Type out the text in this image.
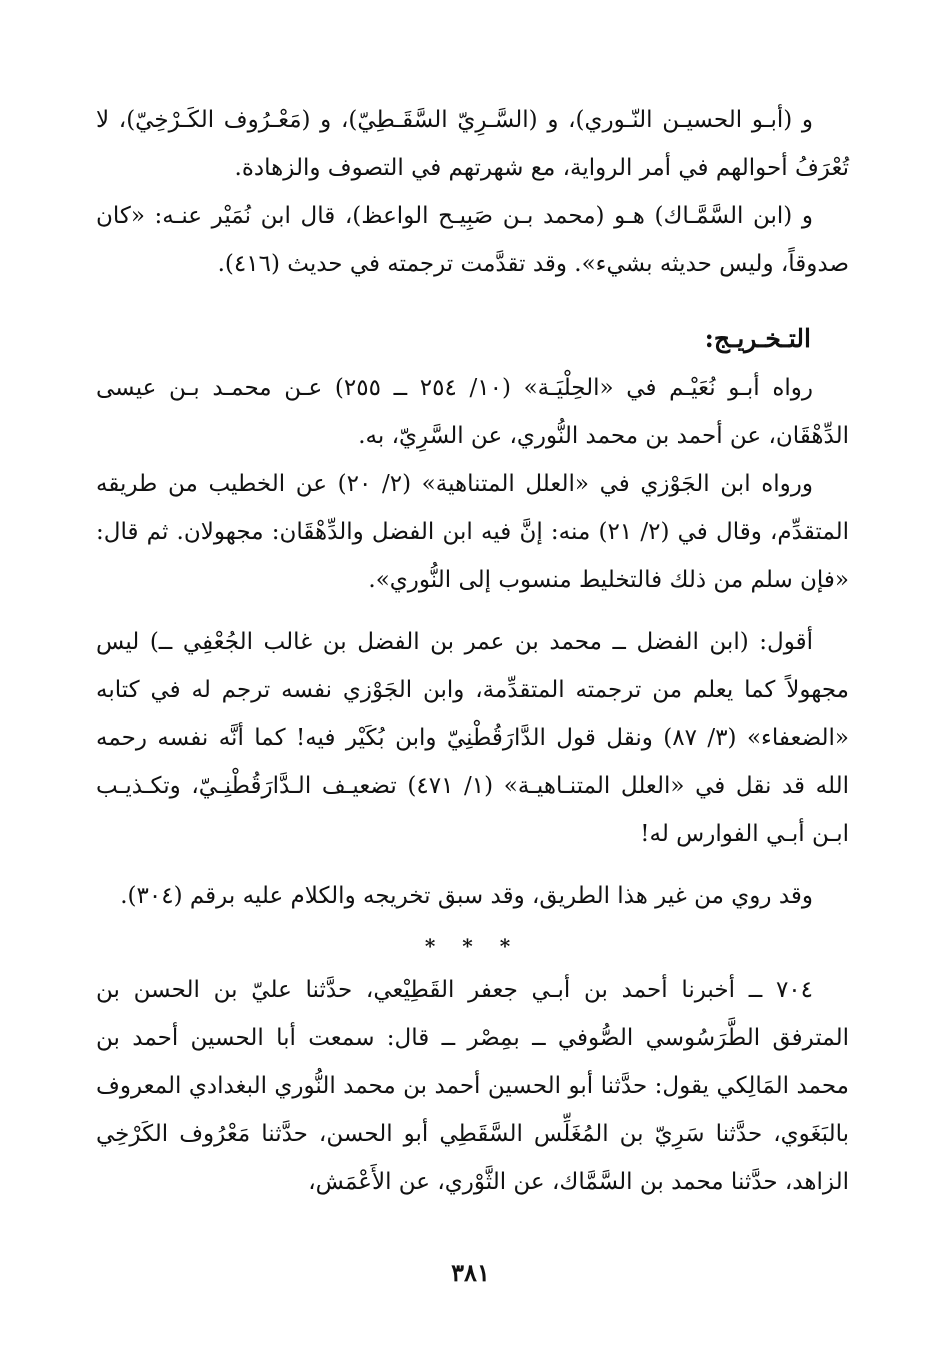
و (أبـو الحسيـن النّـوري)، و (السَّـرِيّ السَّقَـطِيّ)، و (مَعْـرُوف الكَـرْخِيّ)، لا تُعْرَفُ أحوالهم في أمر الرواية، مع شهرتهم في التصوف والزهادة.

و (ابن السَّمَّـاك) هـو (محمد بـن صَبِيـح الواعظ)، قال ابن نُمَيْر عنـه: «كان صدوقاً، وليس حديثه بشيء». وقد تقدَّمت ترجمته في حديث (٤١٦).

التـخـريـج:

رواه أبـو نُعَيْـم في «الحِلْيَـة» (١٠/ ٢٥٤ ــ ٢٥٥) عـن محمـد بـن عيسى الدِّهْقَان، عن أحمد بن محمد النُّوري، عن السَّرِيّ، به.

ورواه ابن الجَوْزي في «العلل المتناهية» (٢/ ٢٠) عن الخطيب من طريقه المتقدِّم، وقال في (٢/ ٢١) منه: إنَّ فيه ابن الفضل والدِّهْقَان: مجهولان. ثم قال: «فإن سلم من ذلك فالتخليط منسوب إلى النُّوري».

أقول: (ابن الفضل ــ محمد بن عمر بن الفضل بن غالب الجُعْفِي ــ) ليس مجهولاً كما يعلم من ترجمته المتقدِّمة، وابن الجَوْزي نفسه ترجم له في كتابه «الضعفاء» (٣/ ٨٧) ونقل قول الدَّارَقُطْنِيّ وابن بُكَيْر فيه! كما أنَّه نفسه رحمه الله قد نقل في «العلل المتنـاهيـة» (١/ ٤٧١) تضعيـف الـدَّارَقُطْنِـيّ، وتكـذيـب ابـن أبـي الفوارس له!

وقد روي من غير هذا الطريق، وقد سبق تخريجه والكلام عليه برقم (٣٠٤).

* * *

٧٠٤ ــ أخبرنا أحمد بن أبـي جعفر القَطِيْعي، حدَّثنا عليّ بن الحسن بن المترفق الطَّرَسُوسي الصُّوفي ــ بمِصْر ــ قال: سمعت أبا الحسين أحمد بن محمد المَالِكي يقول: حدَّثنا أبو الحسين أحمد بن محمد النُّوري البغدادي المعروف بالبَغَوي، حدَّثنا سَرِيّ بن المُغَلِّس السَّقَطِي أبو الحسن، حدَّثنا مَعْرُوف الكَرْخِي الزاهد، حدَّثنا محمد بن السَّمَّاك، عن الثَّوْري، عن الأَعْمَش،

٣٨١
